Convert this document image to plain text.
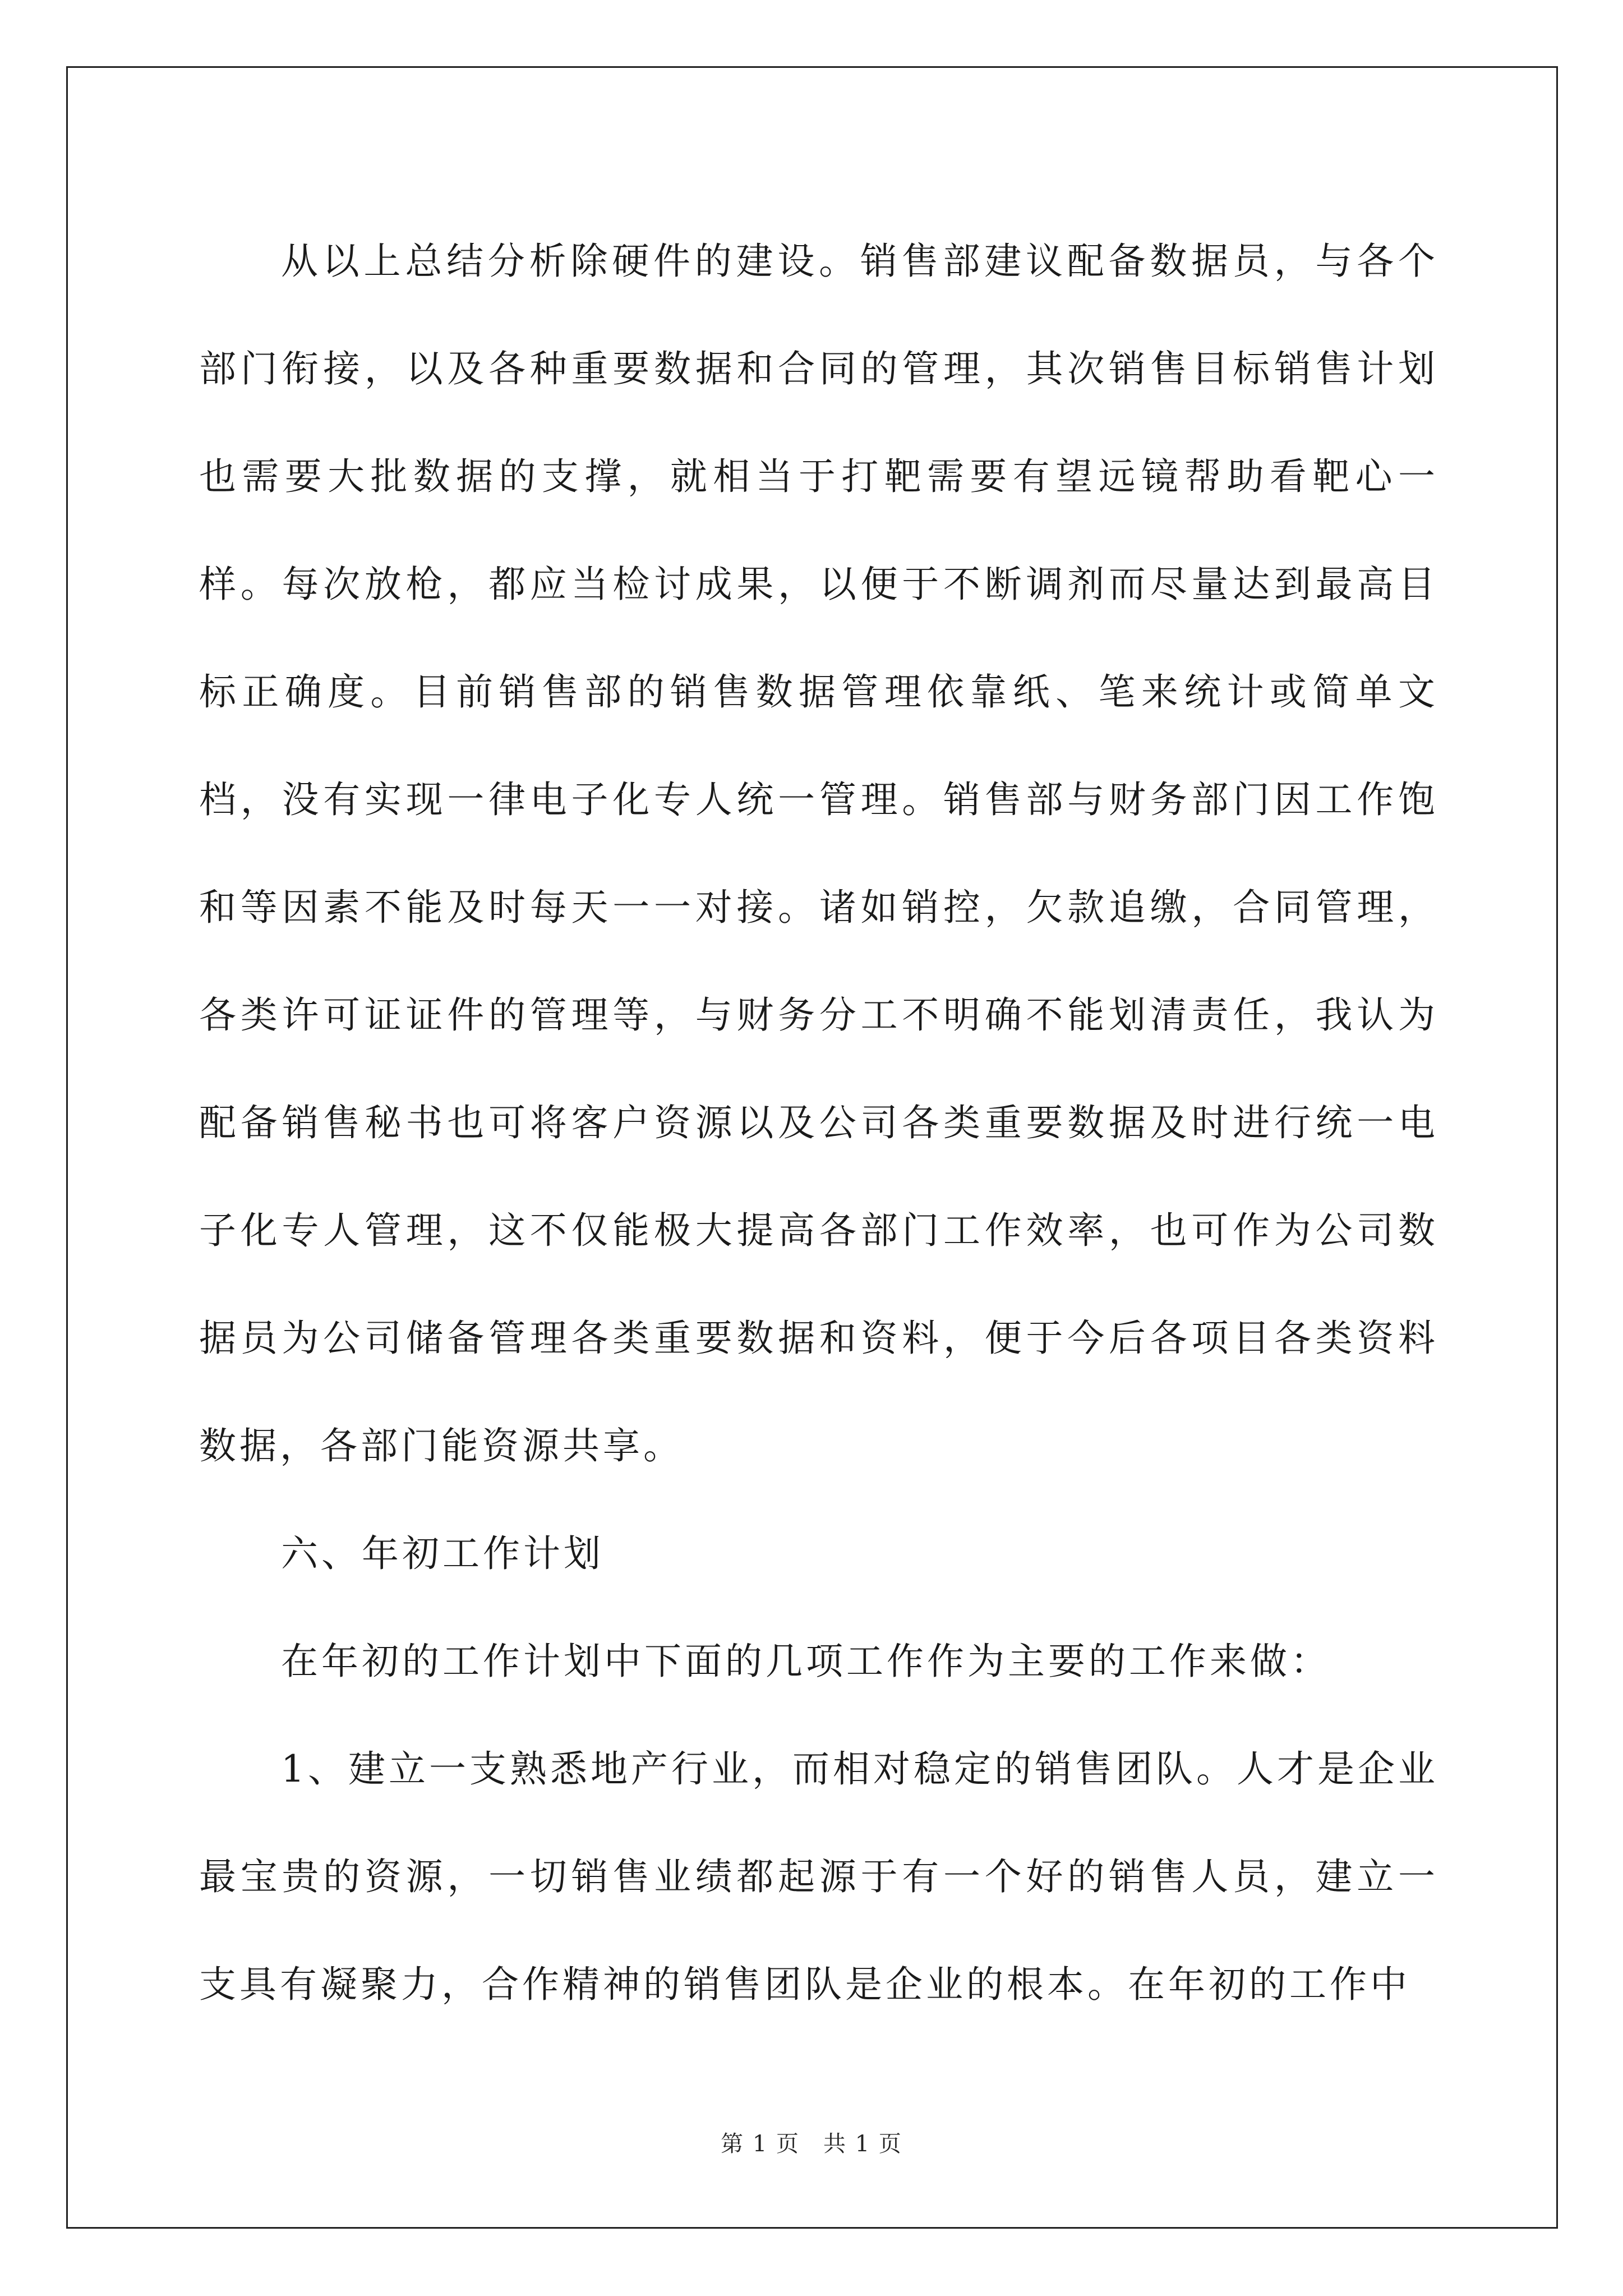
从以上总结分析除硬件的建设。销售部建议配备数据员，与各个部门衔接，以及各种重要数据和合同的管理，其次销售目标销售计划也需要大批数据的支撑，就相当于打靶需要有望远镜帮助看靶心一样。每次放枪，都应当检讨成果，以便于不断调剂而尽量达到最高目标正确度。目前销售部的销售数据管理依靠纸、笔来统计或简单文档，没有实现一律电子化专人统一管理。销售部与财务部门因工作饱和等因素不能及时每天一一对接。诸如销控，欠款追缴，合同管理，各类许可证证件的管理等，与财务分工不明确不能划清责任，我认为配备销售秘书也可将客户资源以及公司各类重要数据及时进行统一电子化专人管理，这不仅能极大提高各部门工作效率，也可作为公司数据员为公司储备管理各类重要数据和资料，便于今后各项目各类资料数据，各部门能资源共享。

六、年初工作计划

在年初的工作计划中下面的几项工作作为主要的工作来做：

1、建立一支熟悉地产行业，而相对稳定的销售团队。人才是企业最宝贵的资源，一切销售业绩都起源于有一个好的销售人员，建立一支具有凝聚力，合作精神的销售团队是企业的根本。在年初的工作中

第 1 页　共 1 页
